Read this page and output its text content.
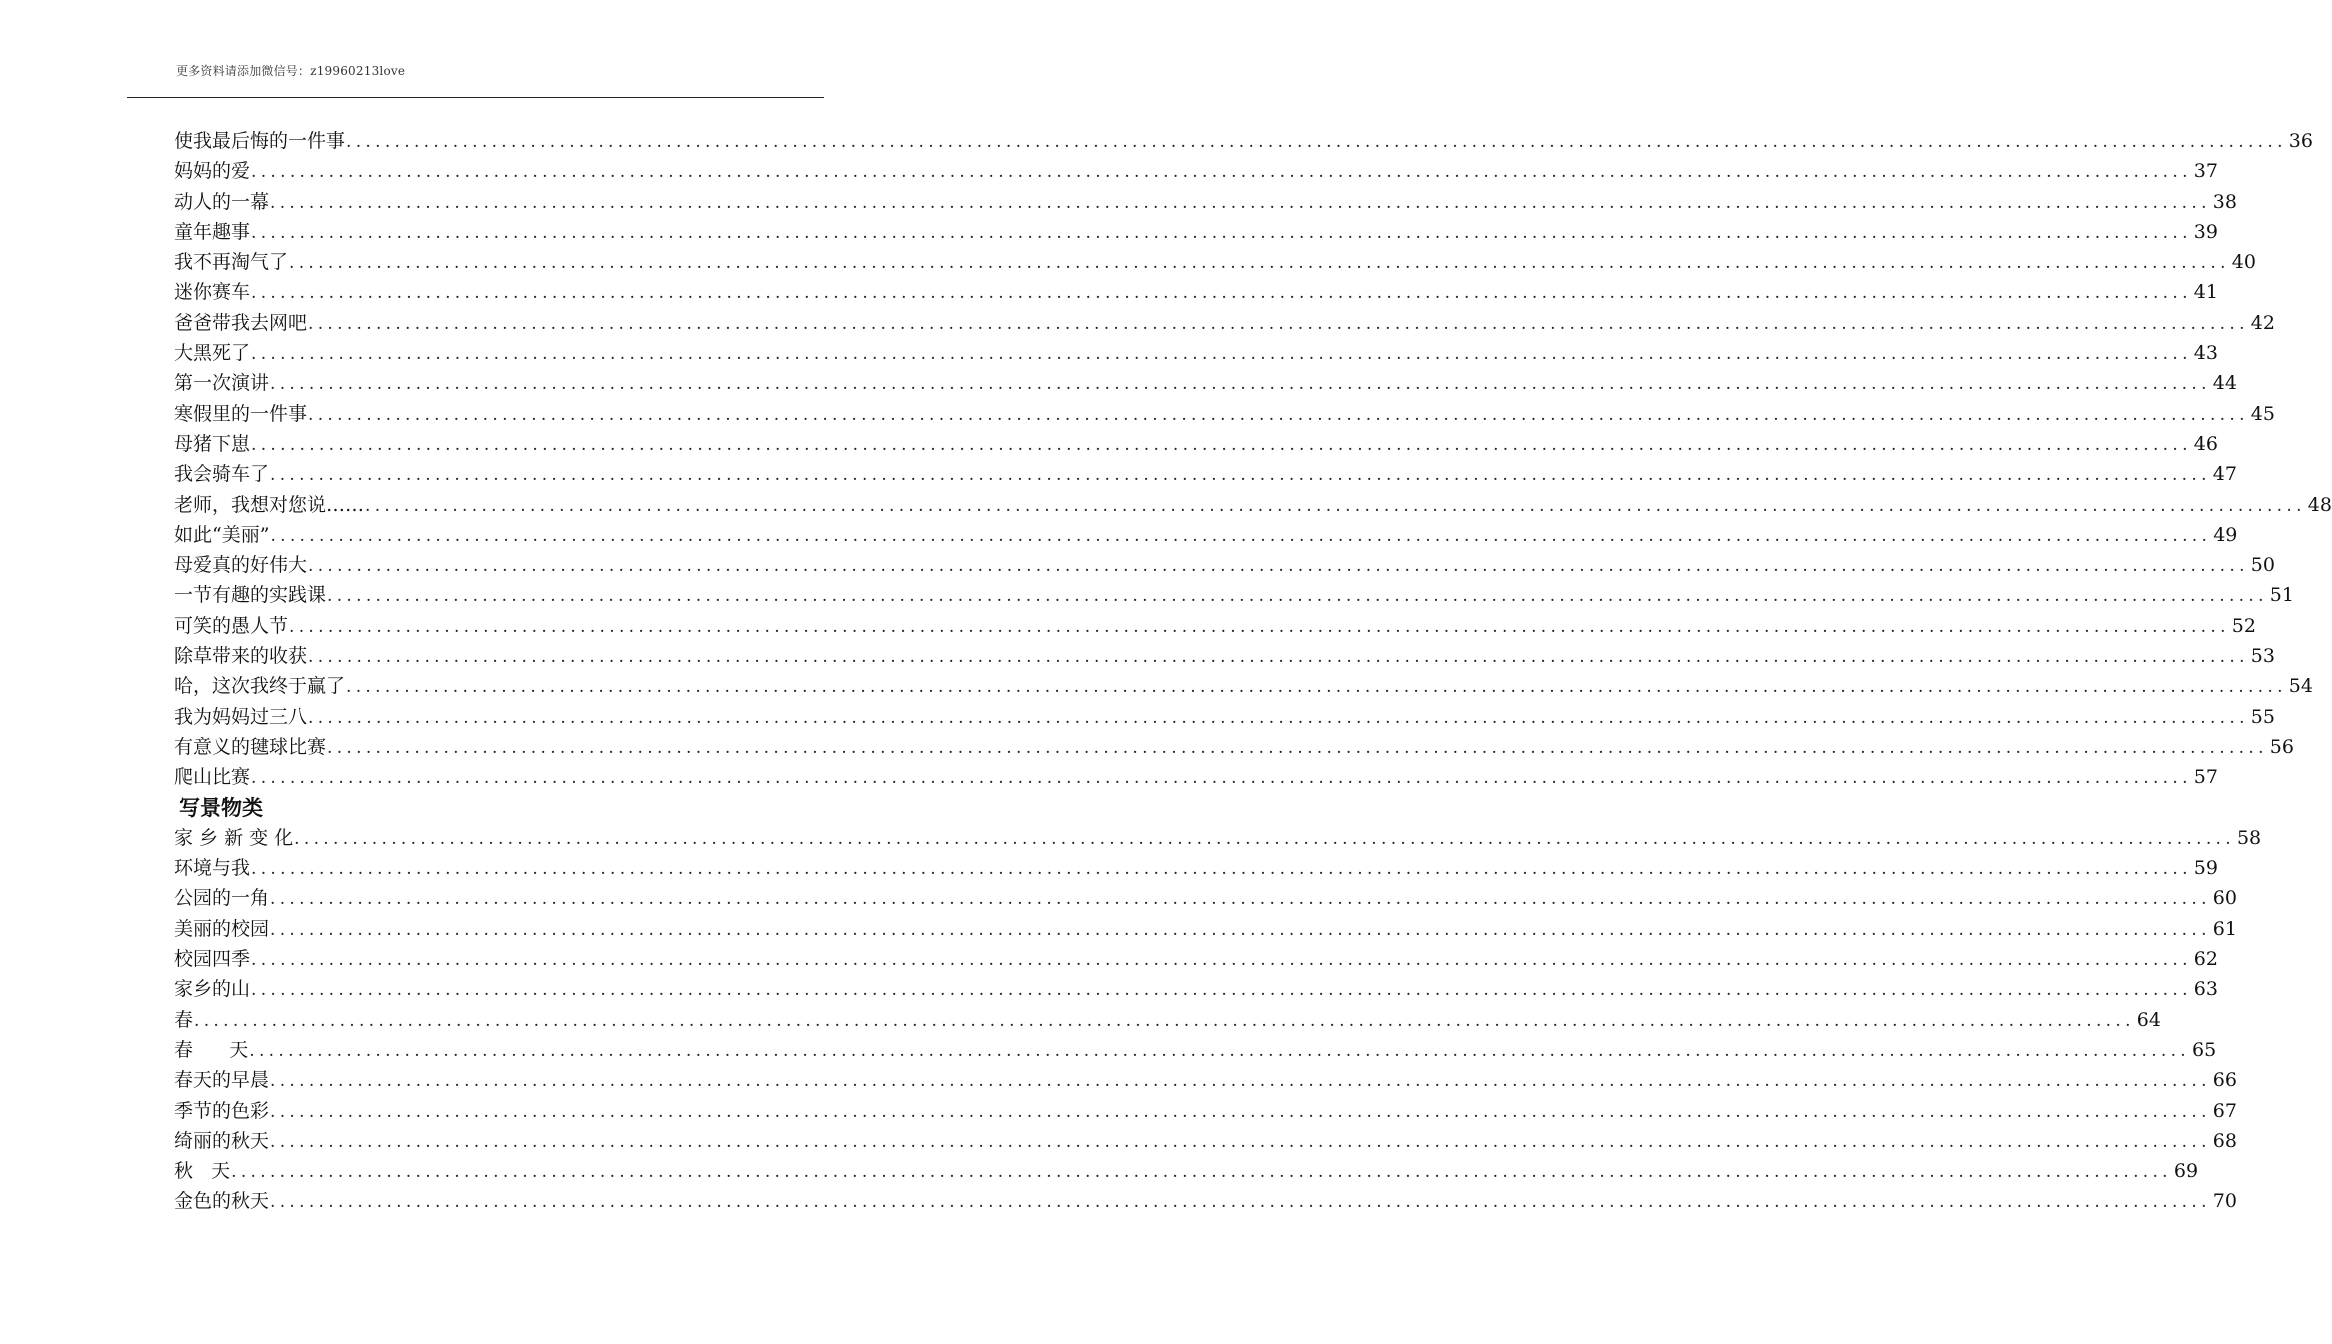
更多资料请添加微信号：z19960213love
使我最后悔的一件事 ........................................................................................................................................................................................................ 36
妈妈的爱 ........................................................................................................................................................................................................ 37
动人的一幕 ........................................................................................................................................................................................................ 38
童年趣事 ........................................................................................................................................................................................................ 39
我不再淘气了 ........................................................................................................................................................................................................ 40
迷你赛车 ........................................................................................................................................................................................................ 41
爸爸带我去网吧 ........................................................................................................................................................................................................ 42
大黑死了 ........................................................................................................................................................................................................ 43
第一次演讲 ........................................................................................................................................................................................................ 44
寒假里的一件事 ........................................................................................................................................................................................................ 45
母猪下崽 ........................................................................................................................................................................................................ 46
我会骑车了 ........................................................................................................................................................................................................ 47
老师，我想对您说…… ........................................................................................................................................................................................................ 48
如此“美丽” ........................................................................................................................................................................................................ 49
母爱真的好伟大 ........................................................................................................................................................................................................ 50
一节有趣的实践课 ........................................................................................................................................................................................................ 51
可笑的愚人节 ........................................................................................................................................................................................................ 52
除草带来的收获 ........................................................................................................................................................................................................ 53
哈，这次我终于赢了 ........................................................................................................................................................................................................ 54
我为妈妈过三八 ........................................................................................................................................................................................................ 55
有意义的毽球比赛 ........................................................................................................................................................................................................ 56
爬山比赛 ........................................................................................................................................................................................................ 57
写景物类
家 乡 新 变 化 ........................................................................................................................................................................................................ 58
环境与我 ........................................................................................................................................................................................................ 59
公园的一角 ........................................................................................................................................................................................................ 60
美丽的校园 ........................................................................................................................................................................................................ 61
校园四季 ........................................................................................................................................................................................................ 62
家乡的山 ........................................................................................................................................................................................................ 63
春 ........................................................................................................................................................................................................ 64
春      天 ........................................................................................................................................................................................................ 65
春天的早晨 ........................................................................................................................................................................................................ 66
季节的色彩 ........................................................................................................................................................................................................ 67
绮丽的秋天 ........................................................................................................................................................................................................ 68
秋   天 ........................................................................................................................................................................................................ 69
金色的秋天 ........................................................................................................................................................................................................ 70
